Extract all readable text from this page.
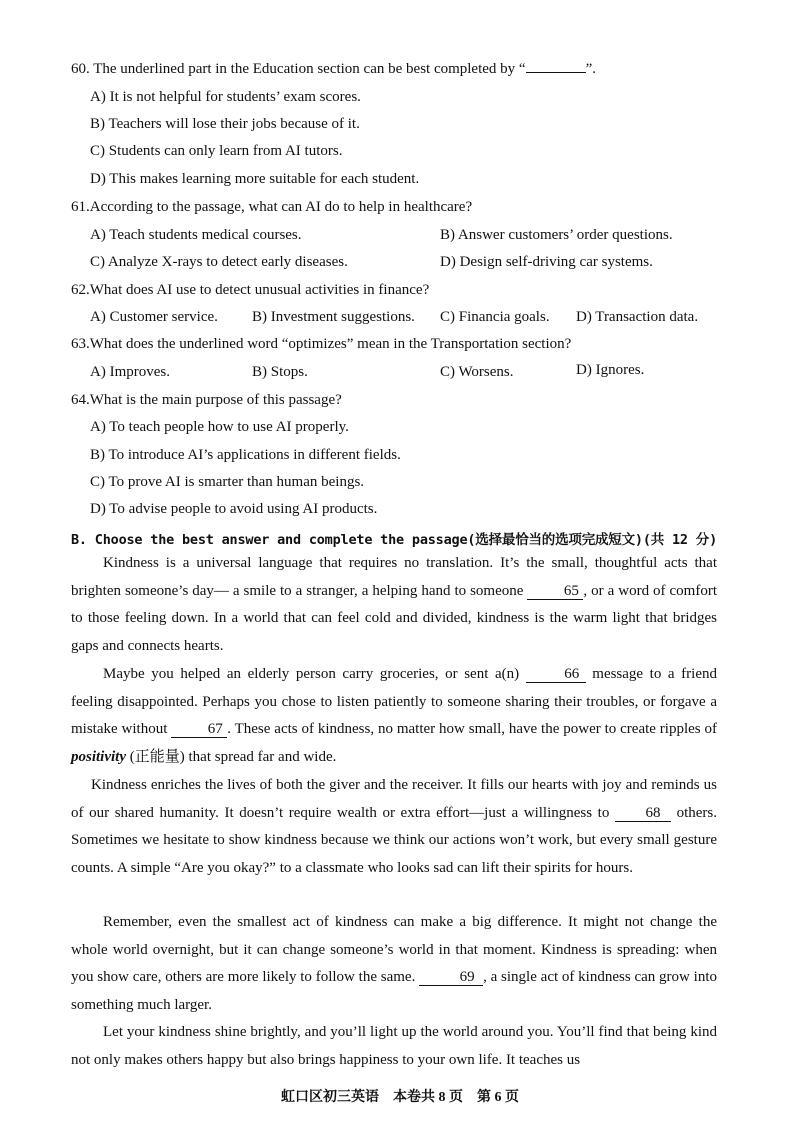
60. The underlined part in the Education section can be best completed by “	”.
A) It is not helpful for students’ exam scores.
B) Teachers will lose their jobs because of it.
C) Students can only learn from AI tutors.
D) This makes learning more suitable for each student.
61.According to the passage, what can AI do to help in healthcare?
A) Teach students medical courses.	B) Answer customers’ order questions.
C) Analyze X-rays to detect early diseases.	D) Design self-driving car systems.
62.What does AI use to detect unusual activities in finance?
A) Customer service. B) Investment suggestions. C) Financia goals. D) Transaction data.
63.What does the underlined word “optimizes” mean in the Transportation section?
A) Improves.	B) Stops.	C) Worsens.	D) Ignores.
64.What is the main purpose of this passage?
A) To teach people how to use AI properly.
B) To introduce AI’s applications in different fields.
C) To prove AI is smarter than human beings.
D) To advise people to avoid using AI products.
B. Choose the best answer and complete the passage(选择最恰当的选项完成短文)(共 12 分)
Kindness is a universal language that requires no translation. It’s the small, thoughtful acts that brighten someone’s day— a smile to a stranger, a helping hand to someone 65 , or a word of comfort to those feeling down. In a world that can feel cold and divided, kindness is the warm light that bridges gaps and connects hearts.
Maybe you helped an elderly person carry groceries, or sent a(n)	66 message to a friend feeling disappointed. Perhaps you chose to listen patiently to someone sharing their troubles, or forgave a mistake without 67 . These acts of kindness, no matter how small, have the power to create ripples of positivity (正能量) that spread far and wide.
Kindness enriches the lives of both the giver and the receiver. It fills our hearts with joy and reminds us of our shared humanity. It doesn’t require wealth or extra effort—just a willingness to 68 others. Sometimes we hesitate to show kindness because we think our actions won’t work, but every small gesture counts. A simple “Are you okay?” to a classmate who looks sad can lift their spirits for hours.
Remember, even the smallest act of kindness can make a big difference. It might not change the whole world overnight, but it can change someone’s world in that moment. Kindness is spreading: when you show care, others are more likely to follow the same.	69 , a single act of kindness can grow into something much larger.
Let your kindness shine brightly, and you’ll light up the world around you. You’ll find that being kind not only makes others happy but also brings happiness to your own life. It teaches us
虹口区初三英语　本卷共 8 页　第 6 页
